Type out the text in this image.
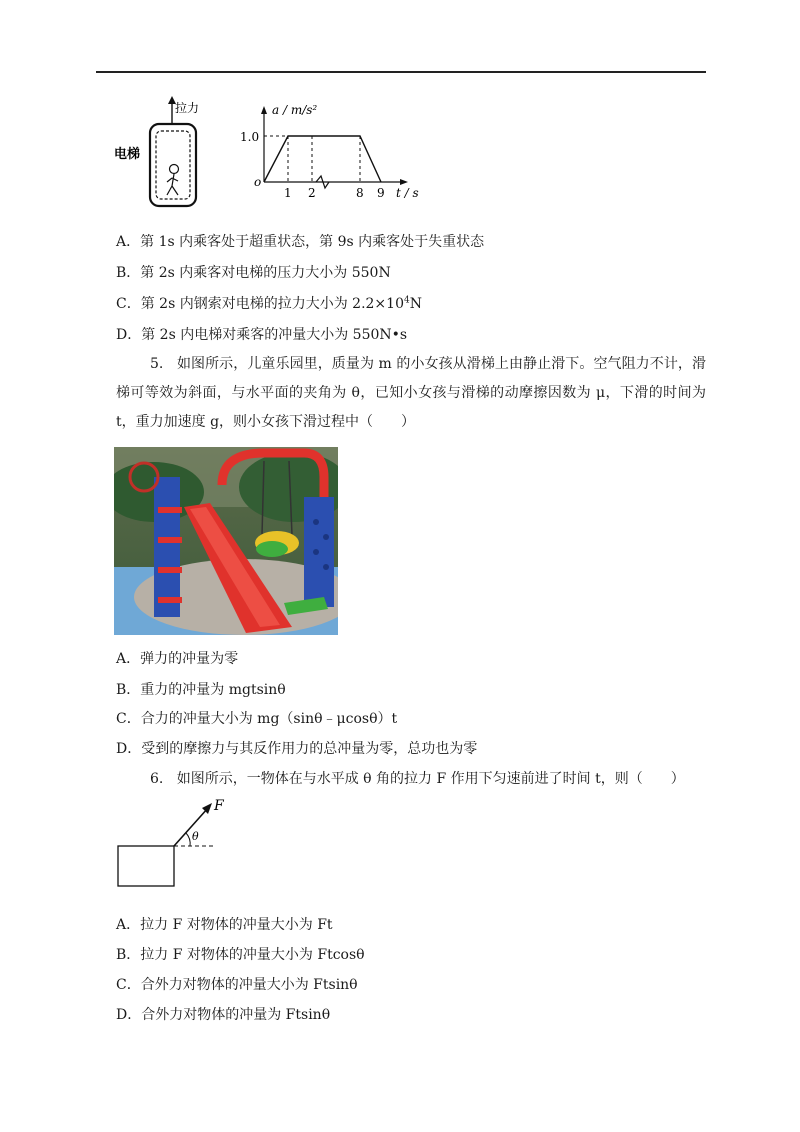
拉力
电梯
a / m/s²
1.0
o
1 2	8 9 t / s
A．第 1s 内乘客处于超重状态，第 9s 内乘客处于失重状态
B．第 2s 内乘客对电梯的压力大小为 550N
C．第 2s 内钢索对电梯的拉力大小为 $2.2\times 10^4N$
D．第 2s 内电梯对乘客的冲量大小为 550N•s
5. 如图所示，儿童乐园里，质量为 m 的小女孩从滑梯上由静止滑下。空气阻力不计，滑梯可等效为斜面，与水平面的夹角为 θ，已知小女孩与滑梯的动摩擦因数为 μ，下滑的时间为 t，重力加速度 g，则小女孩下滑过程中（　　）
A．弹力的冲量为零
B．重力的冲量为 mgtsinθ
C．合力的冲量大小为 mg（sinθ﹣μcosθ）t
D．受到的摩擦力与其反作用力的总冲量为零，总功也为零
6. 如图所示，一物体在与水平成 θ 角的拉力 F 作用下匀速前进了时间 t，则（　　）
F
θ
A．拉力 F 对物体的冲量大小为 Ft
B．拉力 F 对物体的冲量大小为 Ftcosθ
C．合外力对物体的冲量大小为 Ftsinθ
D．合外力对物体的冲量为 Ftsinθ
